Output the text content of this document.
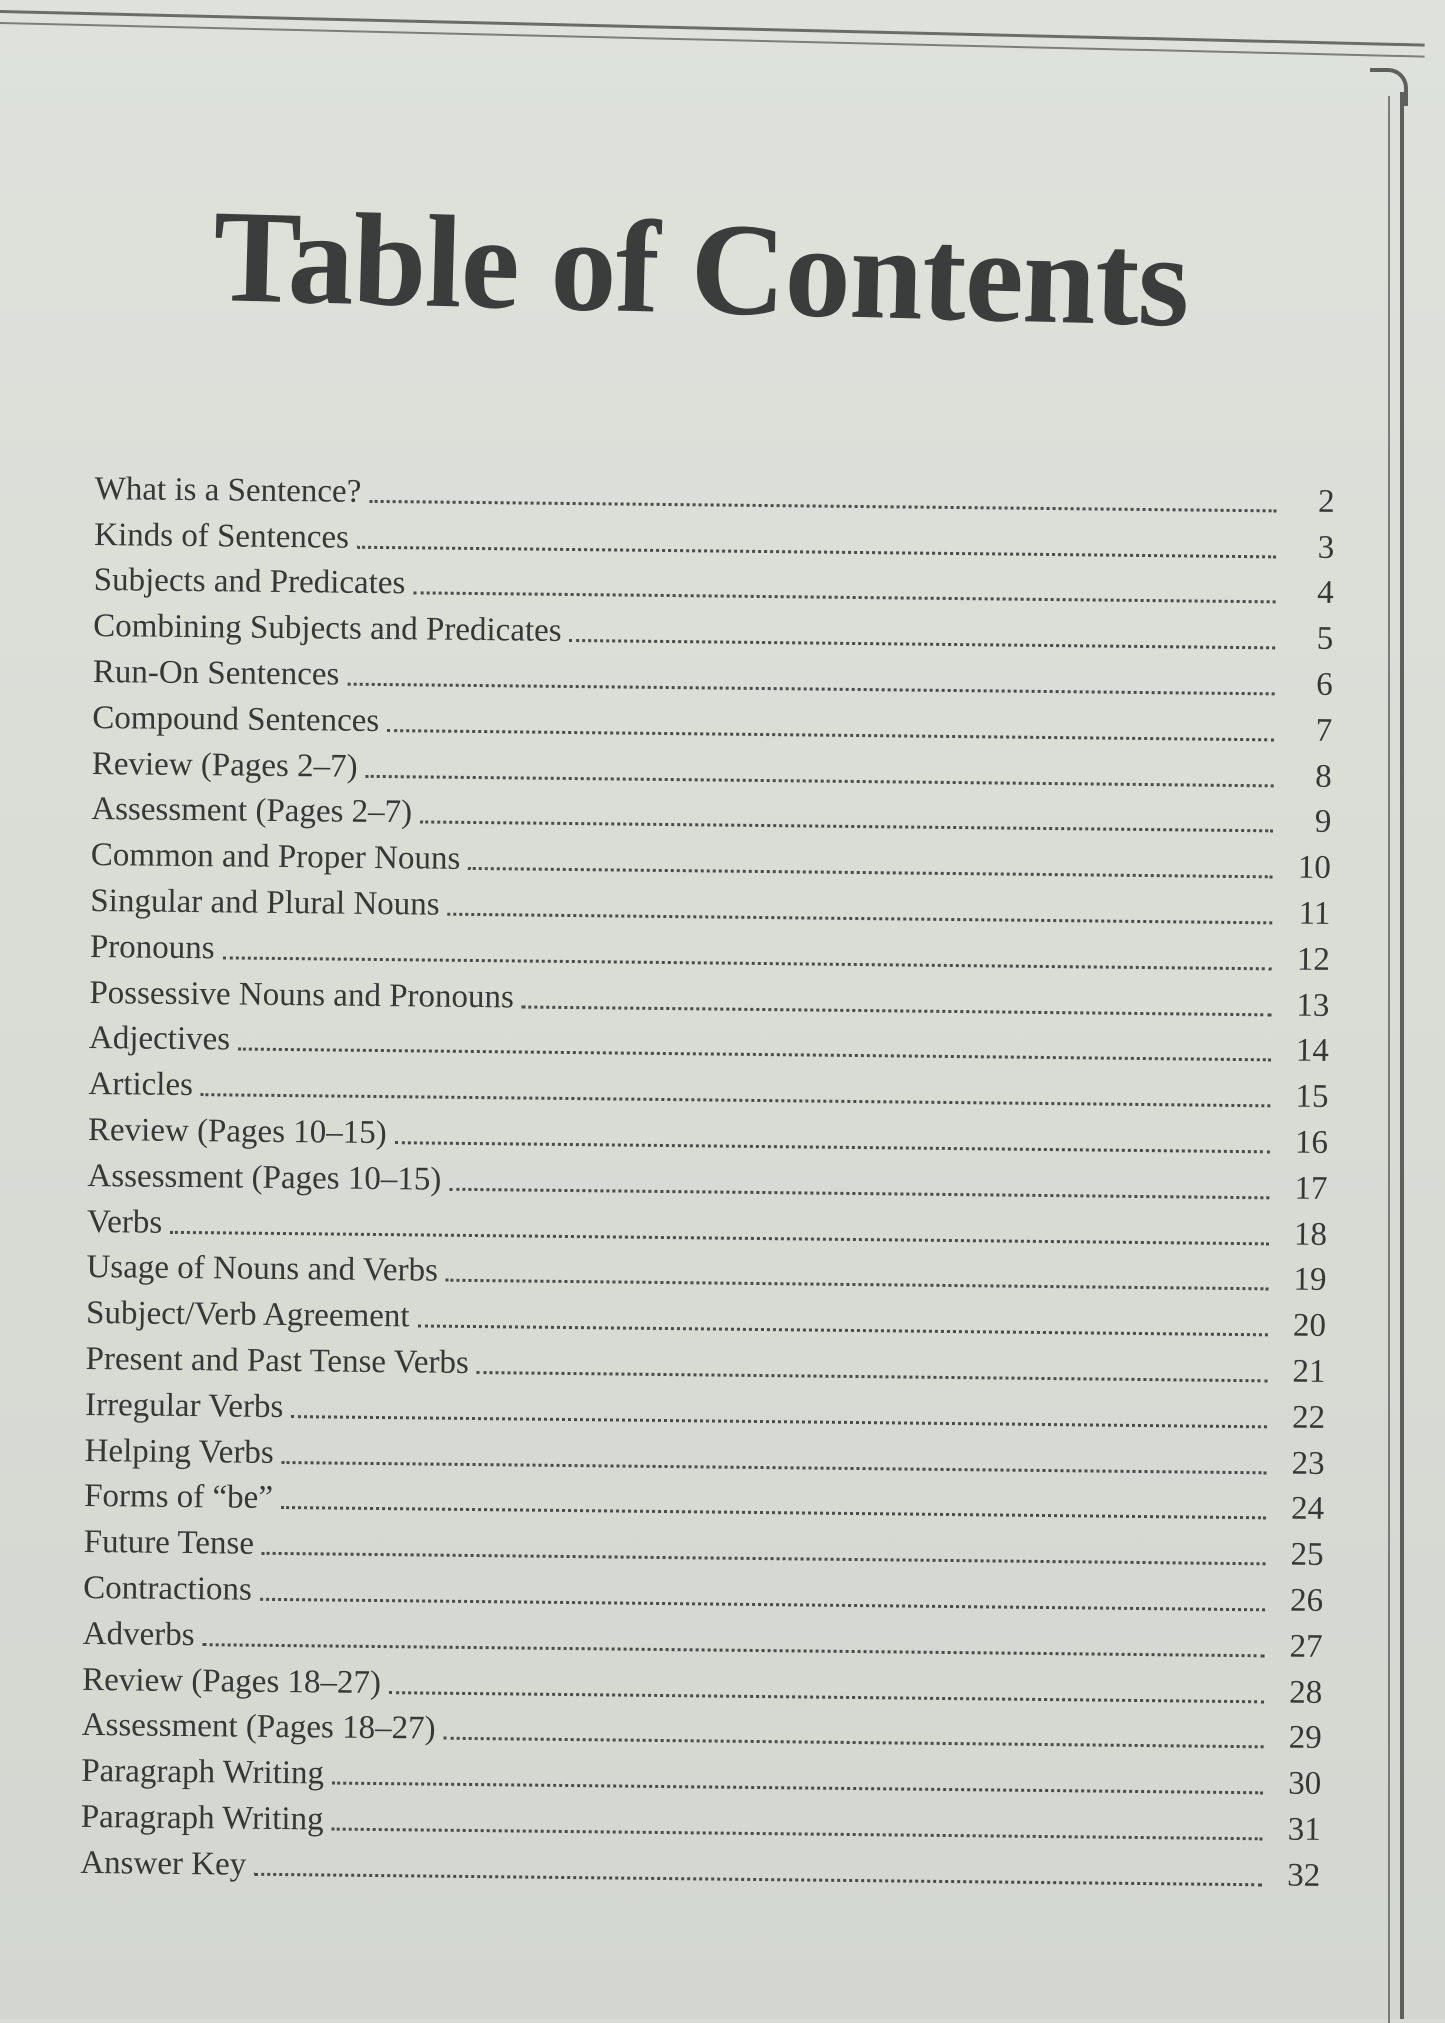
Table of Contents
What is a Sentence?	2
Kinds of Sentences	3
Subjects and Predicates	4
Combining Subjects and Predicates	5
Run-On Sentences	6
Compound Sentences	7
Review (Pages 2–7)	8
Assessment (Pages 2–7)	9
Common and Proper Nouns	10
Singular and Plural Nouns	11
Pronouns	12
Possessive Nouns and Pronouns	13
Adjectives	14
Articles	15
Review (Pages 10–15)	16
Assessment (Pages 10–15)	17
Verbs	18
Usage of Nouns and Verbs	19
Subject/Verb Agreement	20
Present and Past Tense Verbs	21
Irregular Verbs	22
Helping Verbs	23
Forms of “be”	24
Future Tense	25
Contractions	26
Adverbs	27
Review (Pages 18–27)	28
Assessment (Pages 18–27)	29
Paragraph Writing	30
Paragraph Writing	31
Answer Key	32
